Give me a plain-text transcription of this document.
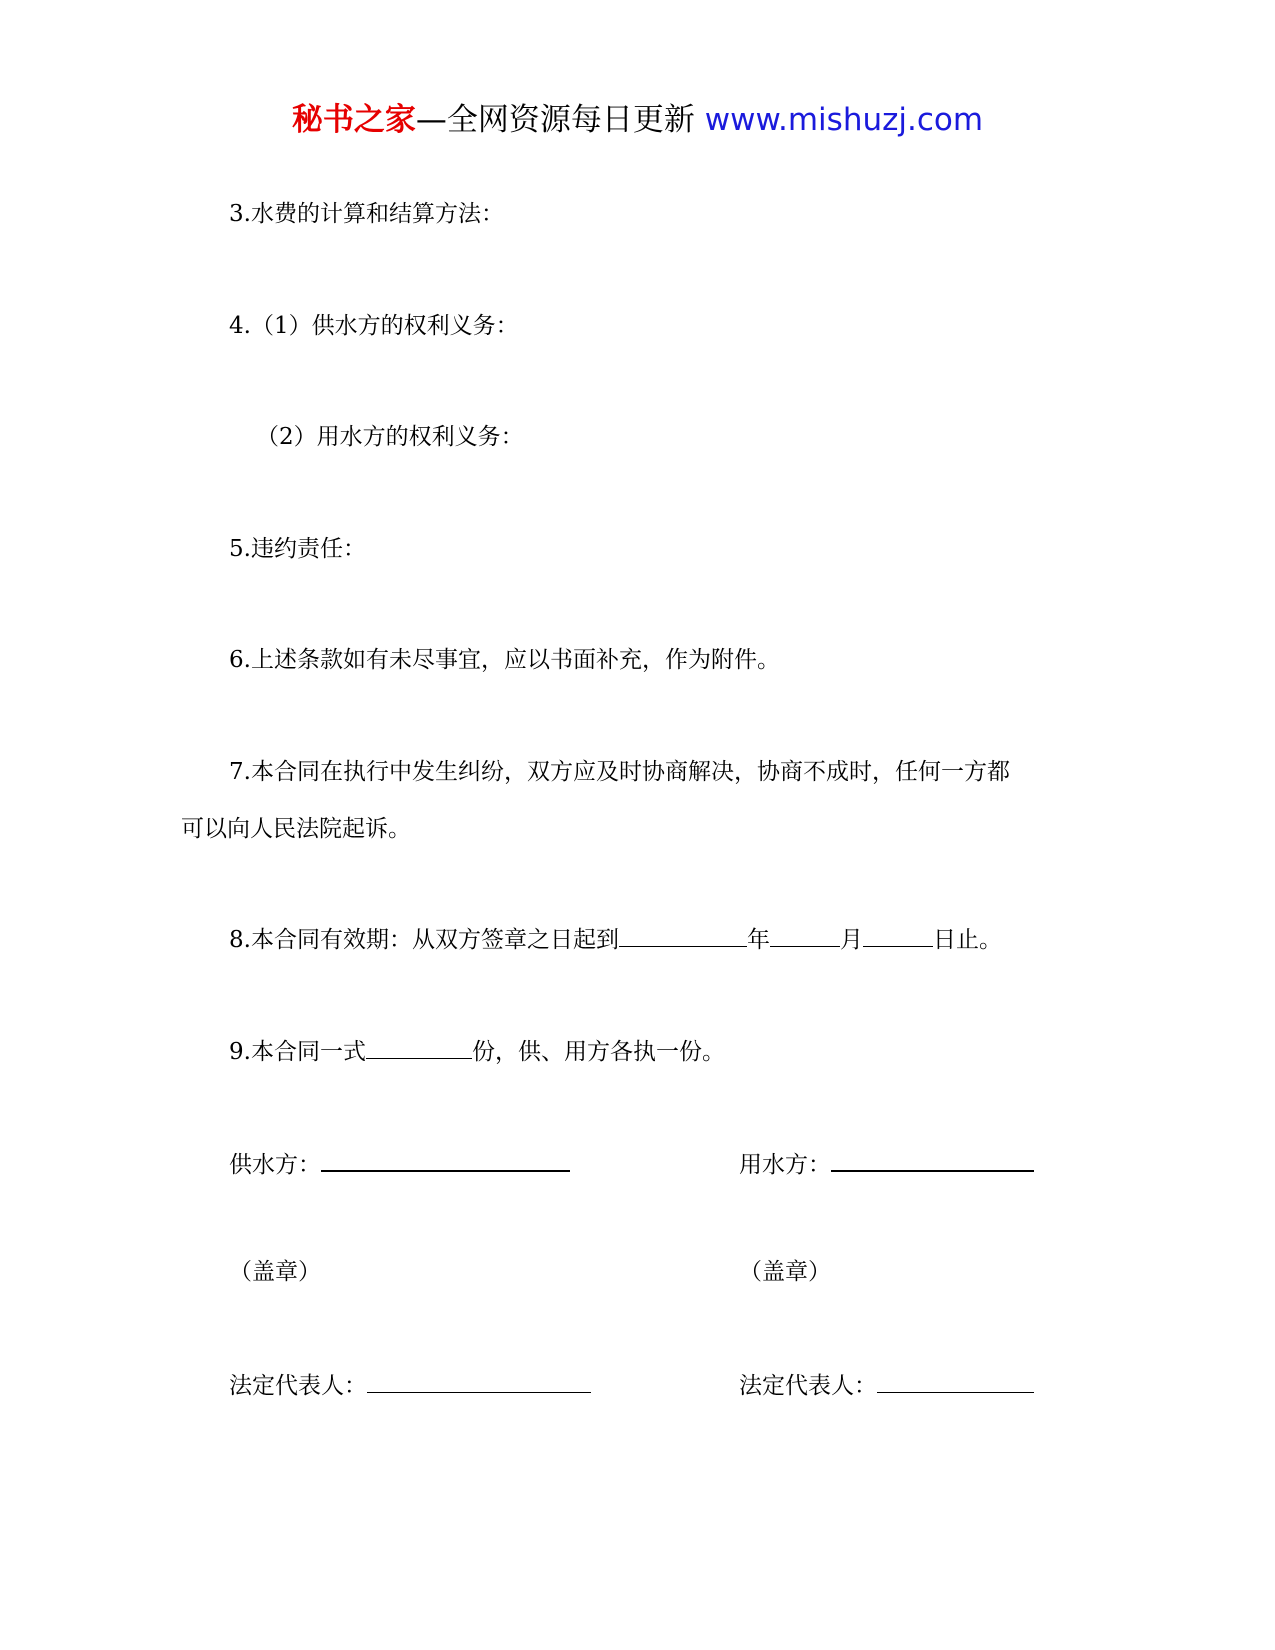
秘书之家—全网资源每日更新 www.mishuzj.com
3.水费的计算和结算方法：
4.（1）供水方的权利义务：
（2）用水方的权利义务：
5.违约责任：
6.上述条款如有未尽事宜，应以书面补充，作为附件。
7.本合同在执行中发生纠纷，双方应及时协商解决，协商不成时，任何一方都
可以向人民法院起诉。
8.本合同有效期：从双方签章之日起到	年	月	日止。
9.本合同一式	份，供、用方各执一份。
供水方：	用水方：
（盖章）	（盖章）
法定代表人：	法定代表人：
